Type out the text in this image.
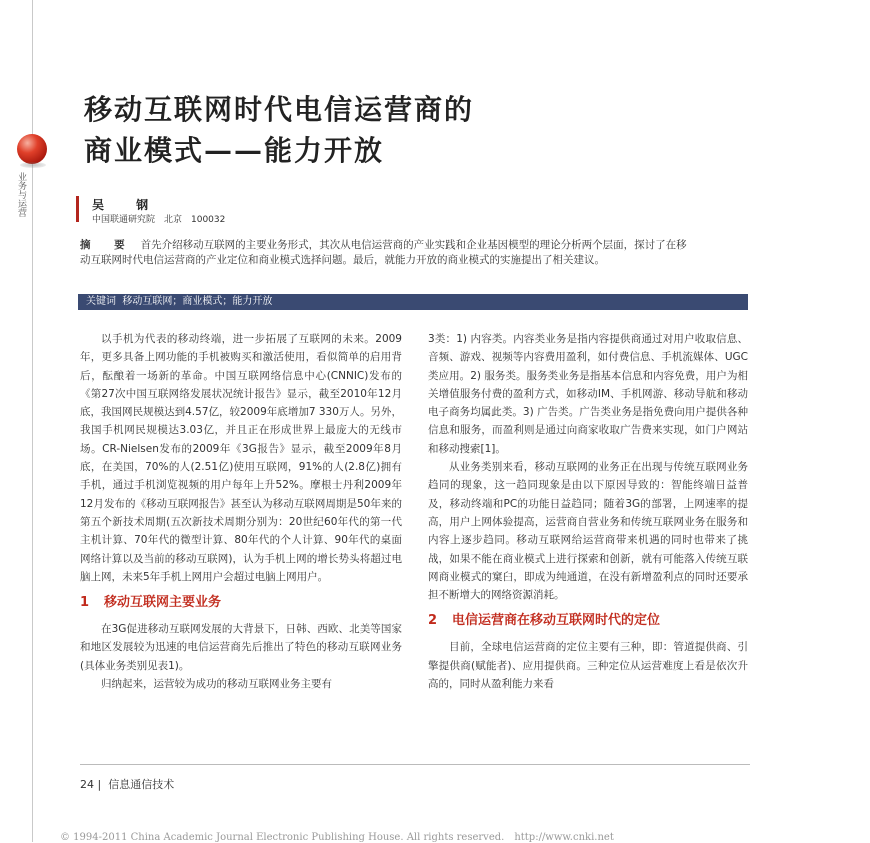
业务与运营
移动互联网时代电信运营商的
商业模式——能力开放
吴 钢
中国联通研究院　北京　100032
摘 要 首先介绍移动互联网的主要业务形式，其次从电信运营商的产业实践和企业基因模型的理论分析两个层面，探讨了在移动互联网时代电信运营商的产业定位和商业模式选择问题。最后，就能力开放的商业模式的实施提出了相关建议。
关键词 移动互联网；商业模式；能力开放

以手机为代表的移动终端，进一步拓展了互联网的未来。2009年，更多具备上网功能的手机被购买和激活使用，看似简单的启用背后，酝酿着一场新的革命。中国互联网络信息中心(CNNIC)发布的《第27次中国互联网络发展状况统计报告》显示，截至2010年12月底，我国网民规模达到4.57亿，较2009年底增加7 330万人。另外，我国手机网民规模达3.03亿，并且正在形成世界上最庞大的无线市场。CR-Nielsen发布的2009年《3G报告》显示，截至2009年8月底，在美国，70%的人(2.51亿)使用互联网，91%的人(2.8亿)拥有手机，通过手机浏览视频的用户每年上升52%。摩根士丹利2009年12月发布的《移动互联网报告》甚至认为移动互联网周期是50年来的第五个新技术周期(五次新技术周期分别为：20世纪60年代的第一代主机计算、70年代的微型计算、80年代的个人计算、90年代的桌面网络计算以及当前的移动互联网)，认为手机上网的增长势头将超过电脑上网，未来5年手机上网用户会超过电脑上网用户。

1 移动互联网主要业务

在3G促进移动互联网发展的大背景下，日韩、西欧、北美等国家和地区发展较为迅速的电信运营商先后推出了特色的移动互联网业务(具体业务类别见表1)。

归纳起来，运营较为成功的移动互联网业务主要有

3类：1) 内容类。内容类业务是指内容提供商通过对用户收取信息、音频、游戏、视频等内容费用盈利，如付费信息、手机流媒体、UGC类应用。2) 服务类。服务类业务是指基本信息和内容免费，用户为相关增值服务付费的盈利方式，如移动IM、手机网游、移动导航和移动电子商务均属此类。3) 广告类。广告类业务是指免费向用户提供各种信息和服务，而盈利则是通过向商家收取广告费来实现，如门户网站和移动搜索[1]。

从业务类别来看，移动互联网的业务正在出现与传统互联网业务趋同的现象，这一趋同现象是由以下原因导致的：智能终端日益普及，移动终端和PC的功能日益趋同；随着3G的部署，上网速率的提高，用户上网体验提高，运营商自营业务和传统互联网业务在服务和内容上逐步趋同。移动互联网给运营商带来机遇的同时也带来了挑战，如果不能在商业模式上进行探索和创新，就有可能落入传统互联网商业模式的窠臼，即成为纯通道，在没有新增盈利点的同时还要承担不断增大的网络资源消耗。

2 电信运营商在移动互联网时代的定位

目前，全球电信运营商的定位主要有三种，即：管道提供商、引擎提供商(赋能者)、应用提供商。三种定位从运营难度上看是依次升高的，同时从盈利能力来看

24 |  信息通信技术
© 1994-2011 China Academic Journal Electronic Publishing House. All rights reserved.　http://www.cnki.net
